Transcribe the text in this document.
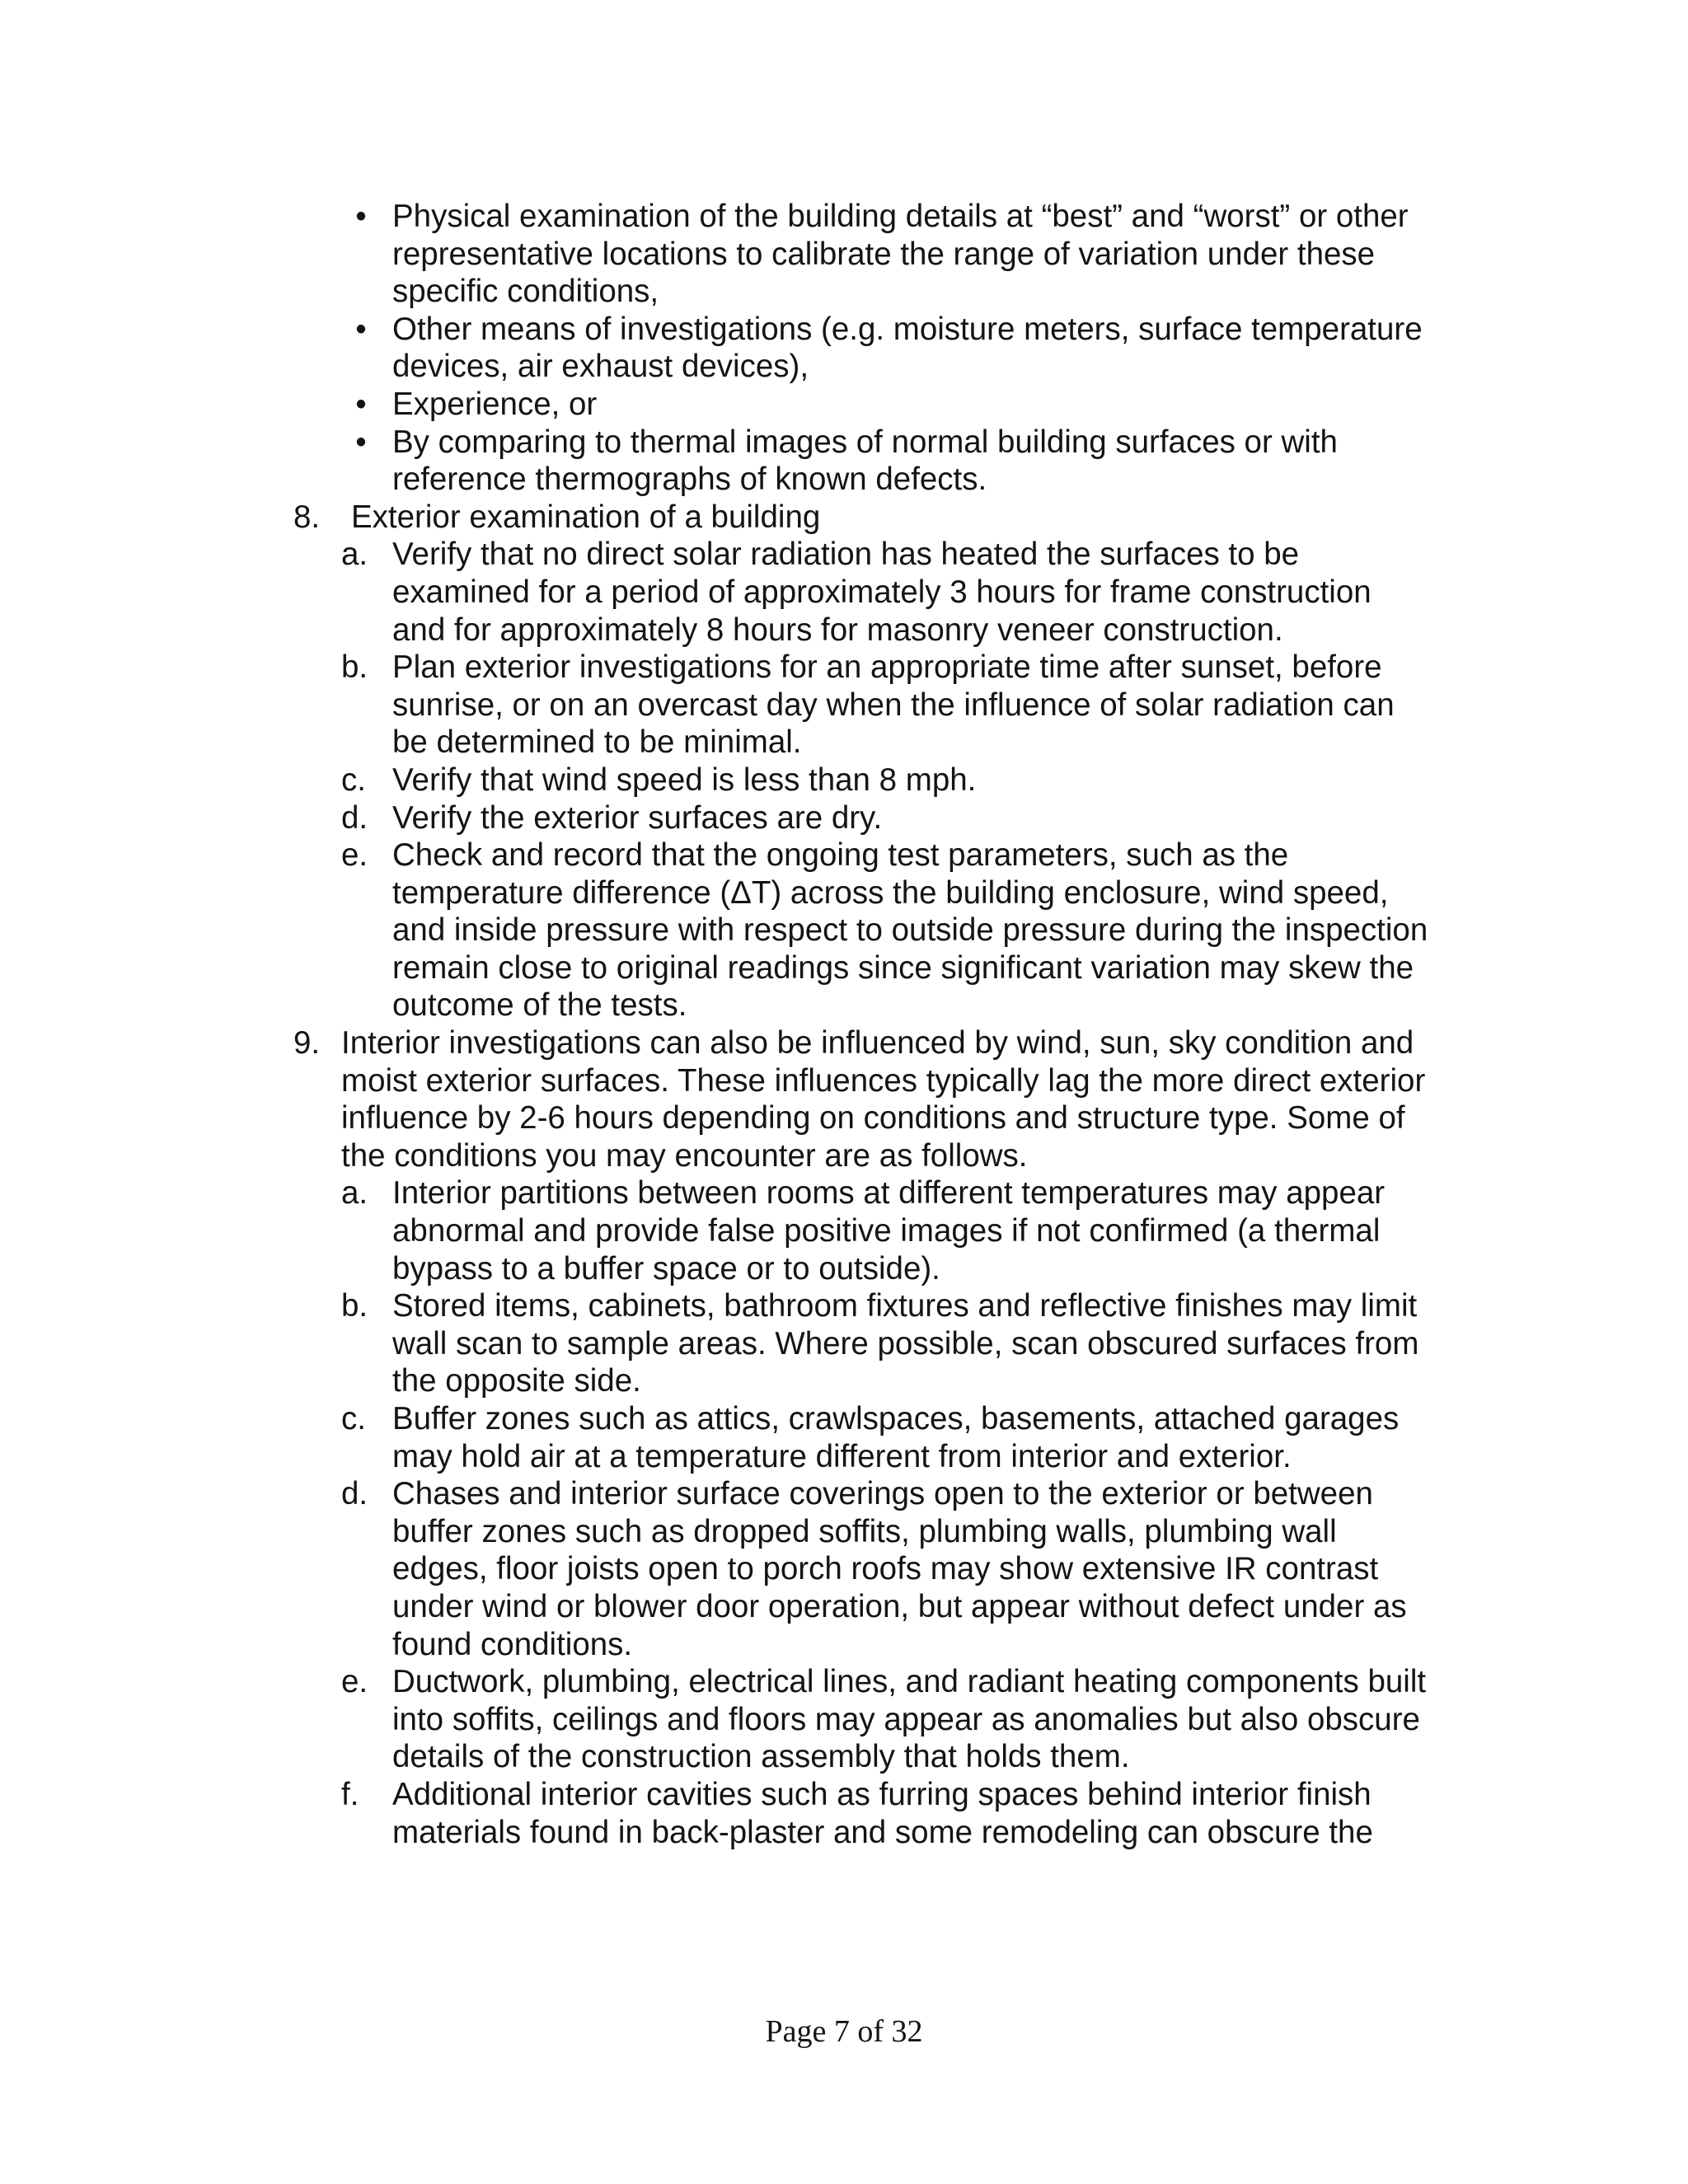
• Physical examination of the building details at “best” and “worst” or other representative locations to calibrate the range of variation under these specific conditions,
• Other means of investigations (e.g. moisture meters, surface temperature devices, air exhaust devices),
• Experience, or
• By comparing to thermal images of normal building surfaces or with reference thermographs of known defects.
8. Exterior examination of a building
a. Verify that no direct solar radiation has heated the surfaces to be examined for a period of approximately 3 hours for frame construction and for approximately 8 hours for masonry veneer construction.
b. Plan exterior investigations for an appropriate time after sunset, before sunrise, or on an overcast day when the influence of solar radiation can be determined to be minimal.
c. Verify that wind speed is less than 8 mph.
d. Verify the exterior surfaces are dry.
e. Check and record that the ongoing test parameters, such as the temperature difference (ΔT) across the building enclosure, wind speed, and inside pressure with respect to outside pressure during the inspection remain close to original readings since significant variation may skew the outcome of the tests.
9. Interior investigations can also be influenced by wind, sun, sky condition and moist exterior surfaces. These influences typically lag the more direct exterior influence by 2-6 hours depending on conditions and structure type. Some of the conditions you may encounter are as follows.
a. Interior partitions between rooms at different temperatures may appear abnormal and provide false positive images if not confirmed (a thermal bypass to a buffer space or to outside).
b. Stored items, cabinets, bathroom fixtures and reflective finishes may limit wall scan to sample areas. Where possible, scan obscured surfaces from the opposite side.
c. Buffer zones such as attics, crawlspaces, basements, attached garages may hold air at a temperature different from interior and exterior.
d. Chases and interior surface coverings open to the exterior or between buffer zones such as dropped soffits, plumbing walls, plumbing wall edges, floor joists open to porch roofs may show extensive IR contrast under wind or blower door operation, but appear without defect under as found conditions.
e. Ductwork, plumbing, electrical lines, and radiant heating components built into soffits, ceilings and floors may appear as anomalies but also obscure details of the construction assembly that holds them.
f. Additional interior cavities such as furring spaces behind interior finish materials found in back-plaster and some remodeling can obscure the
Page 7 of 32
